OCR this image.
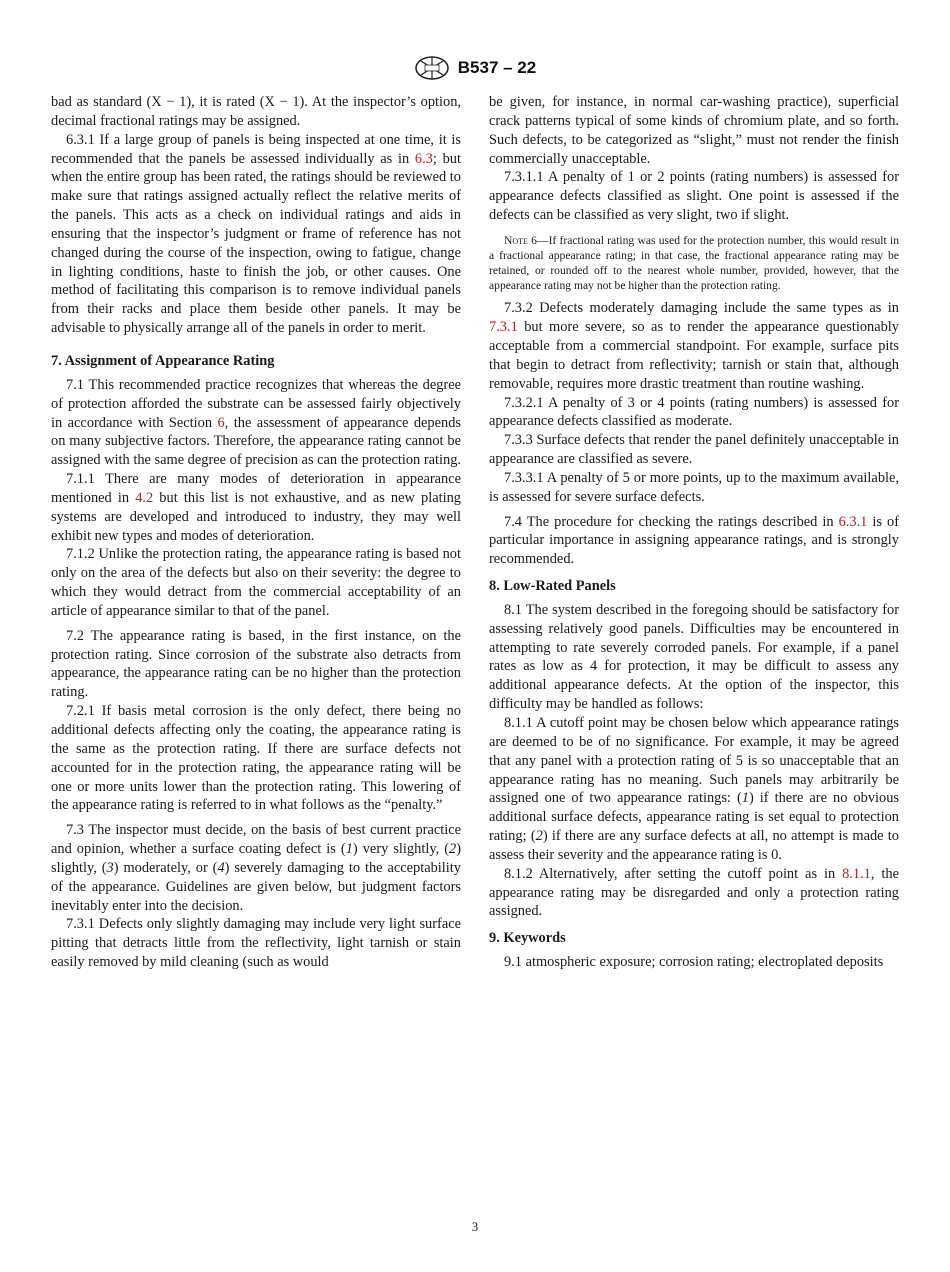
B537 – 22

bad as standard (X − 1), it is rated (X − 1). At the inspector’s option, decimal fractional ratings may be assigned.

6.3.1 If a large group of panels is being inspected at one time, it is recommended that the panels be assessed individually as in 6.3; but when the entire group has been rated, the ratings should be reviewed to make sure that ratings assigned actually reflect the relative merits of the panels. This acts as a check on individual ratings and aids in ensuring that the inspector’s judgment or frame of reference has not changed during the course of the inspection, owing to fatigue, change in lighting conditions, haste to finish the job, or other causes. One method of facilitating this comparison is to remove individual panels from their racks and place them beside other panels. It may be advisable to physically arrange all of the panels in order to merit.

7. Assignment of Appearance Rating

7.1 This recommended practice recognizes that whereas the degree of protection afforded the substrate can be assessed fairly objectively in accordance with Section 6, the assessment of appearance depends on many subjective factors. Therefore, the appearance rating cannot be assigned with the same degree of precision as can the protection rating.

7.1.1 There are many modes of deterioration in appearance mentioned in 4.2 but this list is not exhaustive, and as new plating systems are developed and introduced to industry, they may well exhibit new types and modes of deterioration.

7.1.2 Unlike the protection rating, the appearance rating is based not only on the area of the defects but also on their severity: the degree to which they would detract from the commercial acceptability of an article of appearance similar to that of the panel.

7.2 The appearance rating is based, in the first instance, on the protection rating. Since corrosion of the substrate also detracts from appearance, the appearance rating can be no higher than the protection rating.

7.2.1 If basis metal corrosion is the only defect, there being no additional defects affecting only the coating, the appearance rating is the same as the protection rating. If there are surface defects not accounted for in the protection rating, the appearance rating will be one or more units lower than the protection rating. This lowering of the appearance rating is referred to in what follows as the “penalty.”

7.3 The inspector must decide, on the basis of best current practice and opinion, whether a surface coating defect is (1) very slightly, (2) slightly, (3) moderately, or (4) severely damaging to the acceptability of the appearance. Guidelines are given below, but judgment factors inevitably enter into the decision.

7.3.1 Defects only slightly damaging may include very light surface pitting that detracts little from the reflectivity, light tarnish or stain easily removed by mild cleaning (such as would

be given, for instance, in normal car-washing practice), superficial crack patterns typical of some kinds of chromium plate, and so forth. Such defects, to be categorized as “slight,” must not render the finish commercially unacceptable.

7.3.1.1 A penalty of 1 or 2 points (rating numbers) is assessed for appearance defects classified as slight. One point is assessed if the defects can be classified as very slight, two if slight.

Note 6—If fractional rating was used for the protection number, this would result in a fractional appearance rating; in that case, the fractional appearance rating may be retained, or rounded off to the nearest whole number, provided, however, that the appearance rating may not be higher than the protection rating.

7.3.2 Defects moderately damaging include the same types as in 7.3.1 but more severe, so as to render the appearance questionably acceptable from a commercial standpoint. For example, surface pits that begin to detract from reflectivity; tarnish or stain that, although removable, requires more drastic treatment than routine washing.

7.3.2.1 A penalty of 3 or 4 points (rating numbers) is assessed for appearance defects classified as moderate.

7.3.3 Surface defects that render the panel definitely unacceptable in appearance are classified as severe.

7.3.3.1 A penalty of 5 or more points, up to the maximum available, is assessed for severe surface defects.

7.4 The procedure for checking the ratings described in 6.3.1 is of particular importance in assigning appearance ratings, and is strongly recommended.

8. Low-Rated Panels

8.1 The system described in the foregoing should be satisfactory for assessing relatively good panels. Difficulties may be encountered in attempting to rate severely corroded panels. For example, if a panel rates as low as 4 for protection, it may be difficult to assess any additional appearance defects. At the option of the inspector, this difficulty may be handled as follows:

8.1.1 A cutoff point may be chosen below which appearance ratings are deemed to be of no significance. For example, it may be agreed that any panel with a protection rating of 5 is so unacceptable that an appearance rating has no meaning. Such panels may arbitrarily be assigned one of two appearance ratings: (1) if there are no obvious additional surface defects, appearance rating is set equal to protection rating; (2) if there are any surface defects at all, no attempt is made to assess their severity and the appearance rating is 0.

8.1.2 Alternatively, after setting the cutoff point as in 8.1.1, the appearance rating may be disregarded and only a protection rating assigned.

9. Keywords

9.1 atmospheric exposure; corrosion rating; electroplated deposits

3
